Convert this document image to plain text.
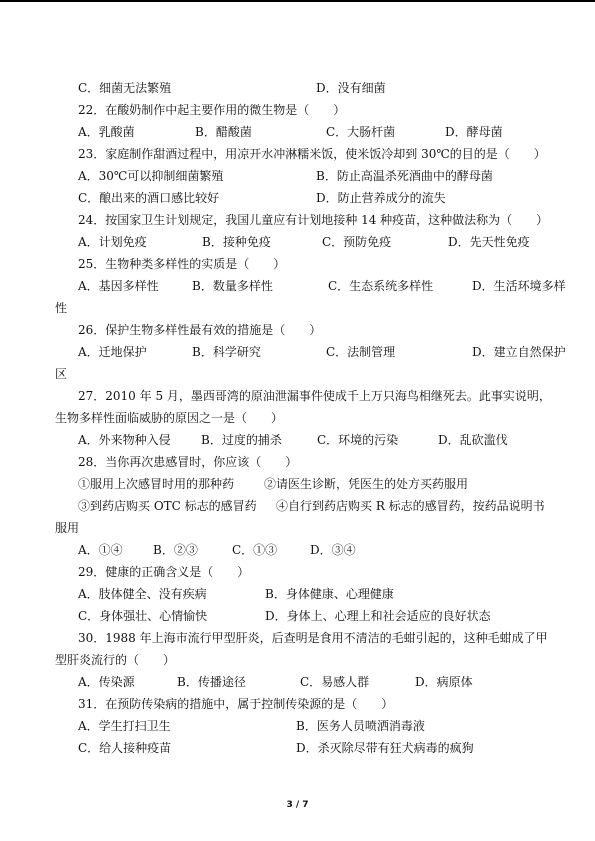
C．细菌无法繁殖	D．没有细菌
22．在酸奶制作中起主要作用的微生物是（　　）
A．乳酸菌	B．醋酸菌	C．大肠杆菌	D．酵母菌
23．家庭制作甜酒过程中，用凉开水冲淋糯米饭，使米饭冷却到 30℃的目的是（　　）
A．30℃可以抑制细菌繁殖	B．防止高温杀死酒曲中的酵母菌
C．酿出来的酒口感比较好	D．防止营养成分的流失
24．按国家卫生计划规定，我国儿童应有计划地接种 14 种疫苗，这种做法称为（　　）
A．计划免疫	B．接种免疫	C．预防免疫	D．先天性免疫
25．生物种类多样性的实质是（　　）
A．基因多样性	B．数量多样性	C．生态系统多样性	D．生活环境多样
性
26．保护生物多样性最有效的措施是（　　）
A．迁地保护	B．科学研究	C．法制管理	D．建立自然保护
区
27．2010 年 5 月，墨西哥湾的原油泄漏事件使成千上万只海鸟相继死去。此事实说明，
生物多样性面临威胁的原因之一是（　　）
A．外来物种入侵	B．过度的捕杀	C．环境的污染	D．乱砍滥伐
28．当你再次患感冒时，你应该（　　）
①服用上次感冒时用的那种药 ②请医生诊断，凭医生的处方买药服用
③到药店购买 OTC 标志的感冒药 ④自行到药店购买 R 标志的感冒药，按药品说明书
服用
A．①④	B．②③	C．①③	D．③④
29．健康的正确含义是（　　）
A．肢体健全、没有疾病	B．身体健康、心理健康
C．身体强壮、心情愉快	D．身体上、心理上和社会适应的良好状态
30．1988 年上海市流行甲型肝炎，后查明是食用不清洁的毛蚶引起的，这种毛蚶成了甲
型肝炎流行的（　　）
A．传染源	B．传播途径	C．易感人群	D．病原体
31．在预防传染病的措施中，属于控制传染源的是（　　）
A．学生打扫卫生	B．医务人员喷洒消毒液
C．给人接种疫苗	D．杀灭除尽带有狂犬病毒的疯狗
3 / 7
